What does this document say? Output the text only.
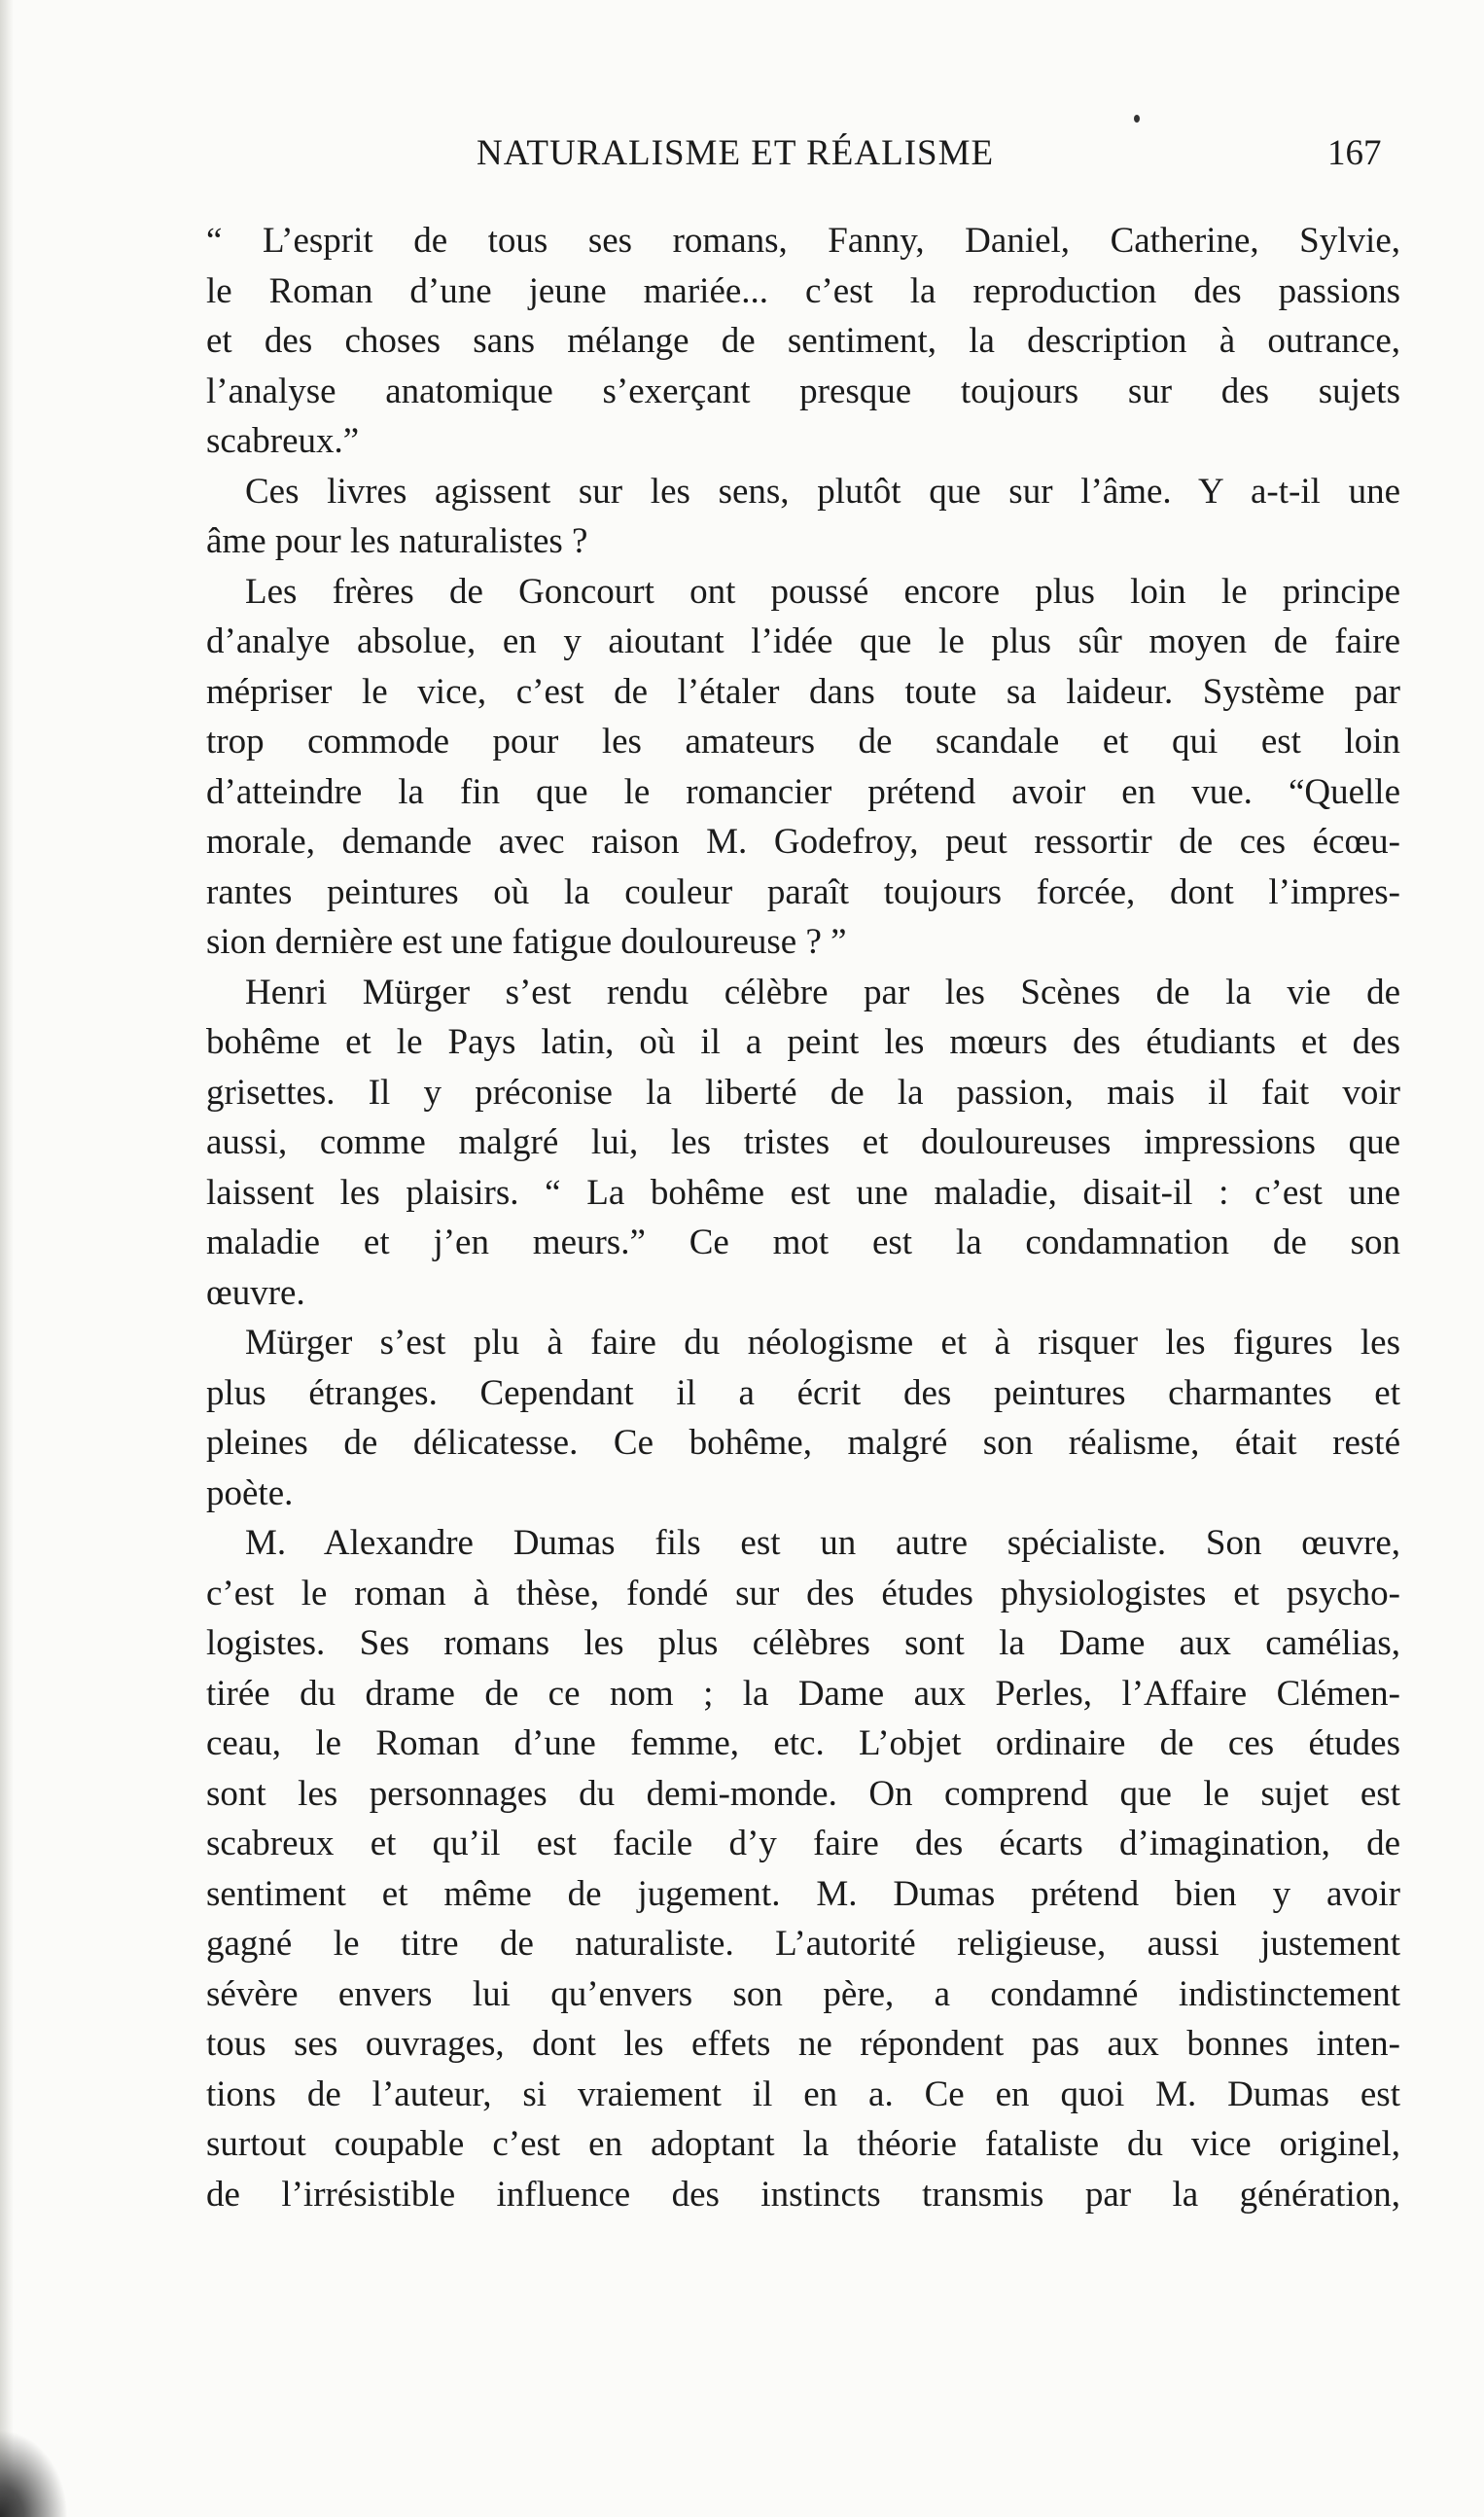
NATURALISME ET RÉALISME	167
“ L’esprit de tous ses romans, Fanny, Daniel, Catherine, Sylvie,
le Roman d’une jeune mariée... c’est la reproduction des passions
et des choses sans mélange de sentiment, la description à outrance,
l’analyse anatomique s’exerçant presque toujours sur des sujets
scabreux.”
Ces livres agissent sur les sens, plutôt que sur l’âme. Y a-t-il une
âme pour les naturalistes ?
Les frères de Goncourt ont poussé encore plus loin le principe
d’analye absolue, en y aioutant l’idée que le plus sûr moyen de faire
mépriser le vice, c’est de l’étaler dans toute sa laideur. Système par
trop commode pour les amateurs de scandale et qui est loin
d’atteindre la fin que le romancier prétend avoir en vue. “Quelle
morale, demande avec raison M. Godefroy, peut ressortir de ces écœu-
rantes peintures où la couleur paraît toujours forcée, dont l’impres-
sion dernière est une fatigue douloureuse ? ”
Henri Mürger s’est rendu célèbre par les Scènes de la vie de
bohême et le Pays latin, où il a peint les mœurs des étudiants et des
grisettes. Il y préconise la liberté de la passion, mais il fait voir
aussi, comme malgré lui, les tristes et douloureuses impressions que
laissent les plaisirs. “ La bohême est une maladie, disait-il : c’est une
maladie et j’en meurs.” Ce mot est la condamnation de son
œuvre.
Mürger s’est plu à faire du néologisme et à risquer les figures les
plus étranges. Cependant il a écrit des peintures charmantes et
pleines de délicatesse. Ce bohême, malgré son réalisme, était resté
poète.
M. Alexandre Dumas fils est un autre spécialiste. Son œuvre,
c’est le roman à thèse, fondé sur des études physiologistes et psycho-
logistes. Ses romans les plus célèbres sont la Dame aux camélias,
tirée du drame de ce nom ; la Dame aux Perles, l’Affaire Clémen-
ceau, le Roman d’une femme, etc. L’objet ordinaire de ces études
sont les personnages du demi-monde. On comprend que le sujet est
scabreux et qu’il est facile d’y faire des écarts d’imagination, de
sentiment et même de jugement. M. Dumas prétend bien y avoir
gagné le titre de naturaliste. L’autorité religieuse, aussi justement
sévère envers lui qu’envers son père, a condamné indistinctement
tous ses ouvrages, dont les effets ne répondent pas aux bonnes inten-
tions de l’auteur, si vraiement il en a. Ce en quoi M. Dumas est
surtout coupable c’est en adoptant la théorie fataliste du vice originel,
de l’irrésistible influence des instincts transmis par la génération,
